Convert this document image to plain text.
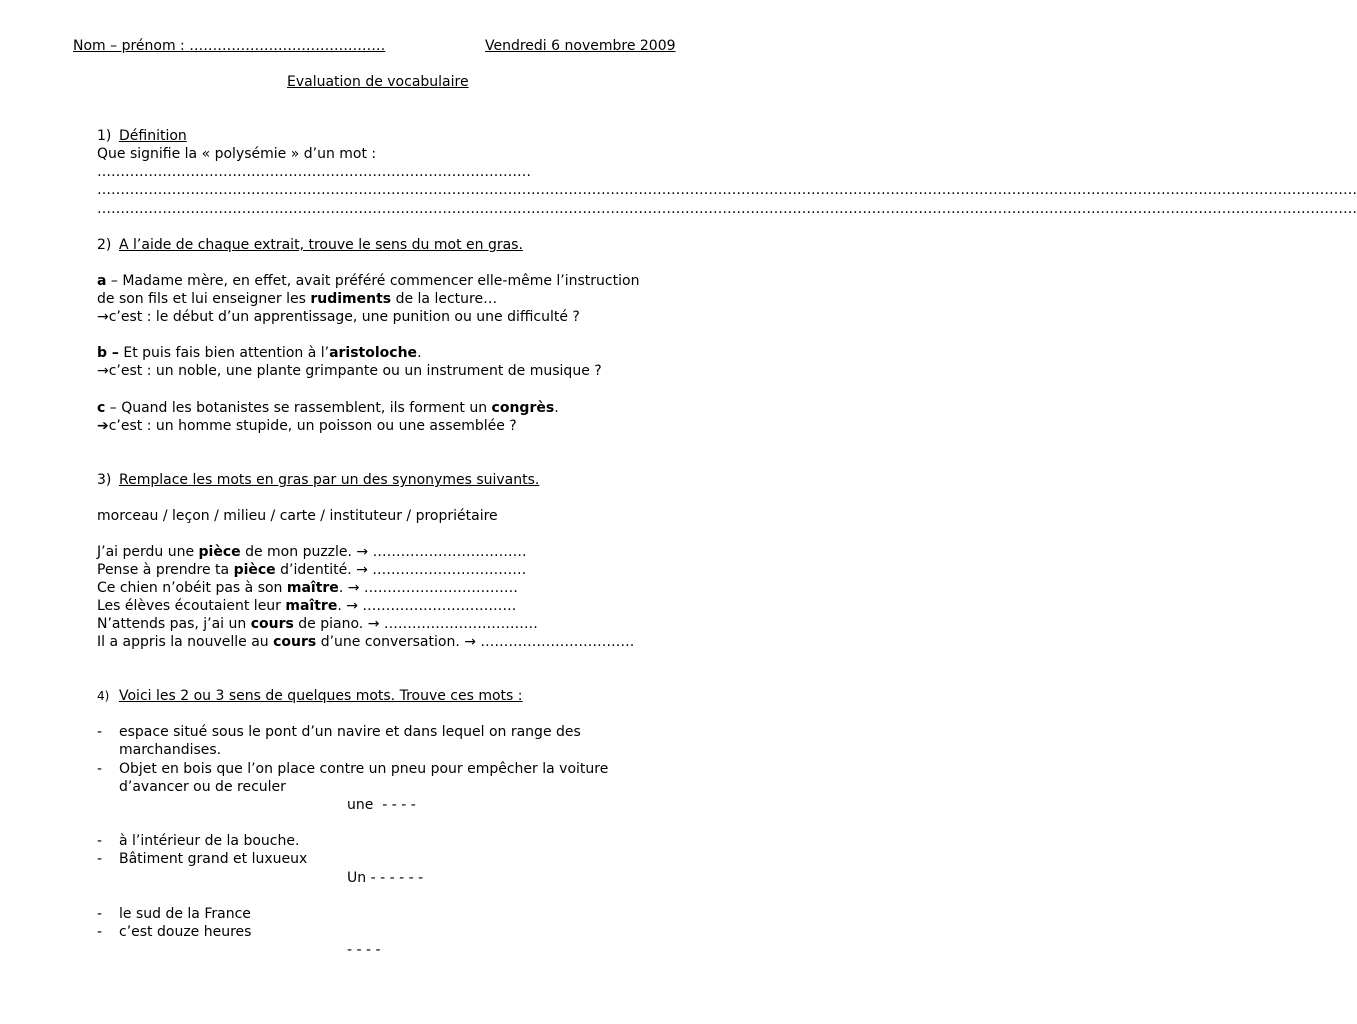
Nom – prénom : ……………………………………	Vendredi 6 novembre 2009
Evaluation de vocabulaire
1) Définition
Que signifie la « polysémie » d’un mot :
…………………………………………………………………………………
………………………………………………………………………………………………………………………………………………………………………………………………………………………………………………
………………………………………………………………………………………………………………………………………………………………………………………………………………………………………………
2) A l’aide de chaque extrait, trouve le sens du mot en gras.
a – Madame mère, en effet, avait préféré commencer elle-même l’instruction
de son fils et lui enseigner les rudiments de la lecture…
→c’est : le début d’un apprentissage, une punition ou une difficulté ?
b – Et puis fais bien attention à l’aristoloche.
→c’est : un noble, une plante grimpante ou un instrument de musique ?
c – Quand les botanistes se rassemblent, ils forment un congrès.
➔c’est : un homme stupide, un poisson ou une assemblée ?
3) Remplace les mots en gras par un des synonymes suivants.
morceau / leçon / milieu / carte / instituteur / propriétaire
J’ai perdu une pièce de mon puzzle. → ……………………………
Pense à prendre ta pièce d’identité. → ……………………………
Ce chien n’obéit pas à son maître. → ……………………………
Les élèves écoutaient leur maître. → ……………………………
N’attends pas, j’ai un cours de piano. → ……………………………
Il a appris la nouvelle au cours d’une conversation. → ……………………………
4) Voici les 2 ou 3 sens de quelques mots. Trouve ces mots :
- espace situé sous le pont d’un navire et dans lequel on range des
marchandises.
- Objet en bois que l’on place contre un pneu pour empêcher la voiture
d’avancer ou de reculer
une  - - - -
- à l’intérieur de la bouche.
- Bâtiment grand et luxueux
Un - - - - - -
- le sud de la France
- c’est douze heures
- - - -
